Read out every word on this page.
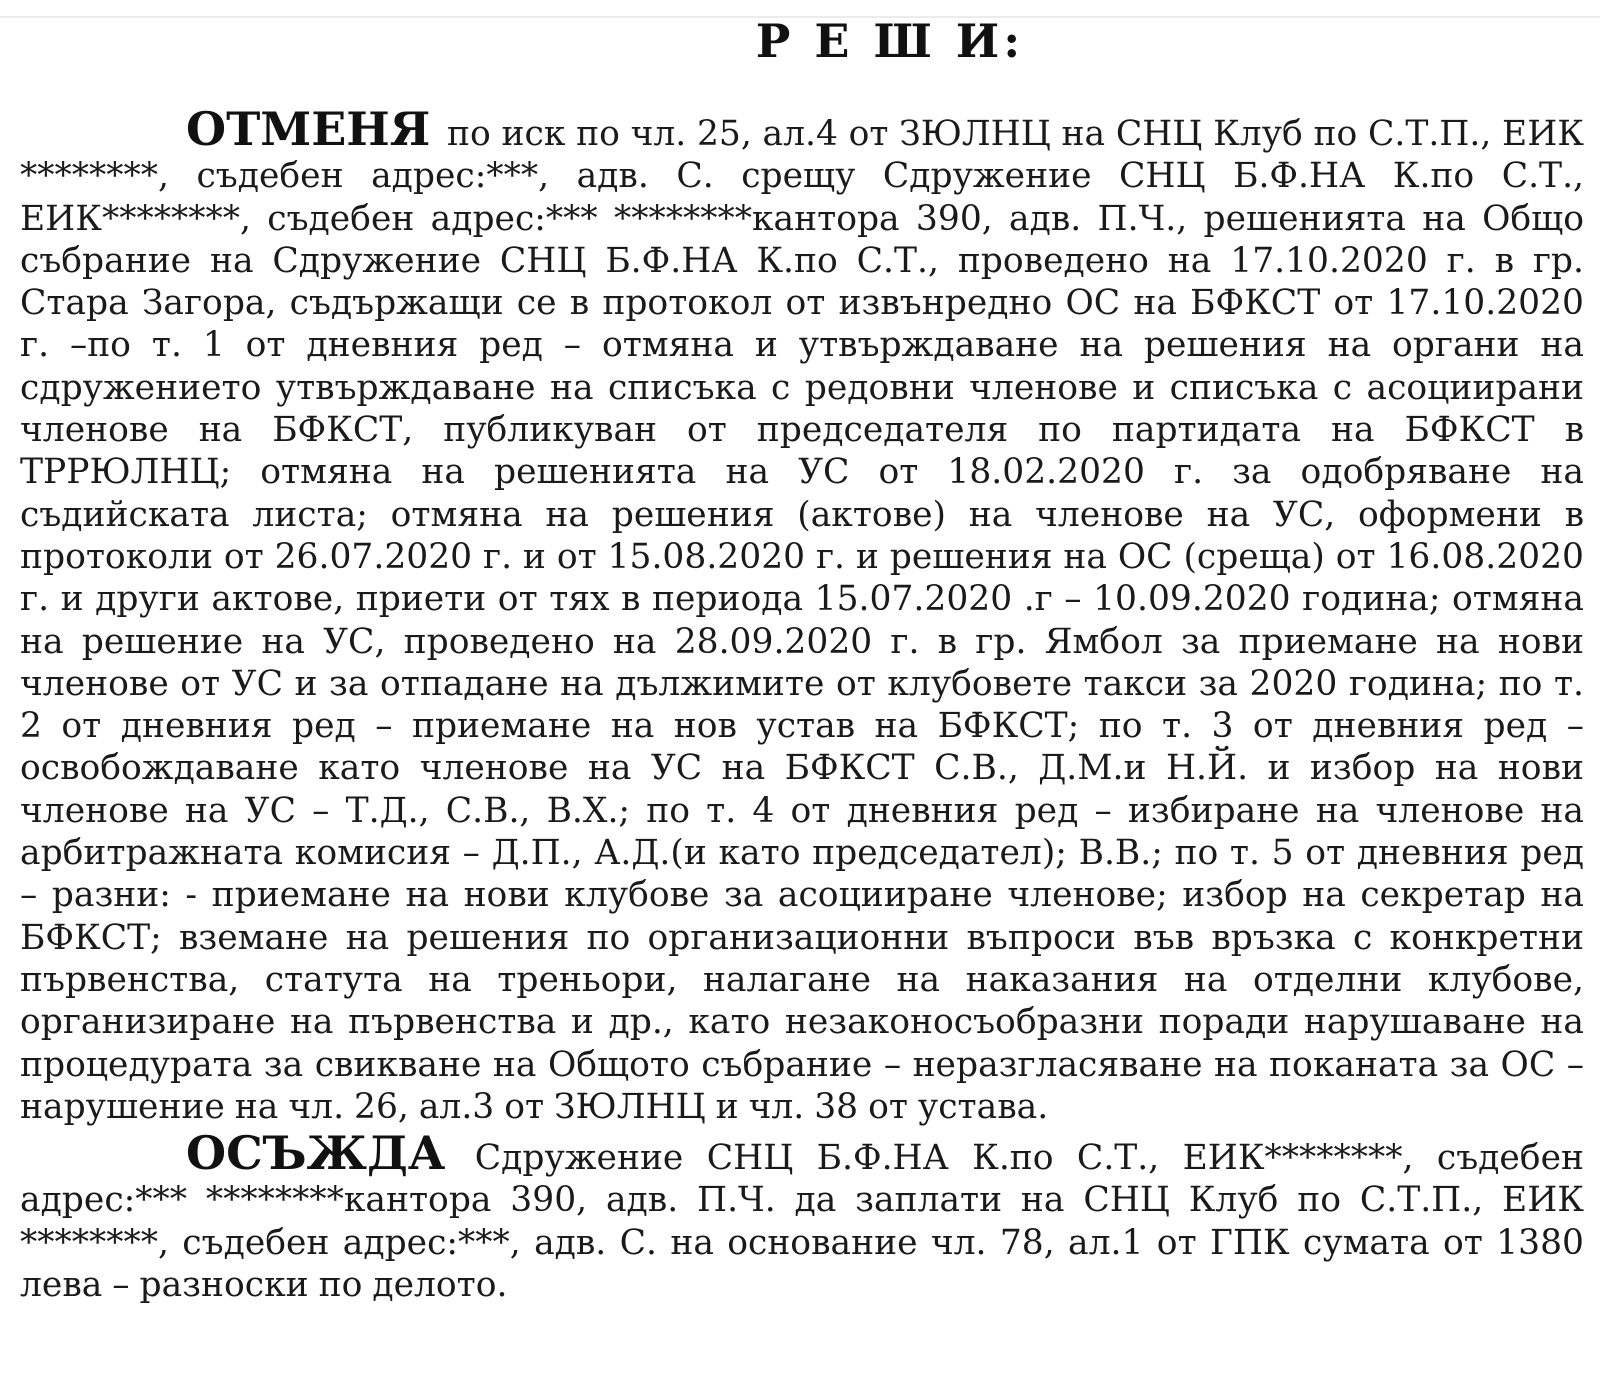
Р Е Ш И:

ОТМЕНЯ по иск по чл. 25, ал.4 от ЗЮЛНЦ на СНЦ Клуб по С.Т.П., ЕИК ********, съдебен адрес:***, адв. С. срещу Сдружение СНЦ Б.Ф.НА К.по С.Т., ЕИК********, съдебен адрес:*** ********кантора 390, адв. П.Ч., решенията на Общо събрание на Сдружение СНЦ Б.Ф.НА К.по С.Т., проведено на 17.10.2020 г. в гр. Стара Загора, съдържащи се в протокол от извънредно ОС на БФКСТ от 17.10.2020 г. –по т. 1 от дневния ред – отмяна и утвърждаване на решения на органи на сдружението утвърждаване на списъка с редовни членове и списъка с асоциирани членове на БФКСТ, публикуван от председателя по партидата на БФКСТ в ТРРЮЛНЦ; отмяна на решенията на УС от 18.02.2020 г. за одобряване на съдийската листа; отмяна на решения (актове) на членове на УС, оформени в протоколи от 26.07.2020 г. и от 15.08.2020 г. и решения на ОС (среща) от 16.08.2020 г. и други актове, приети от тях в периода 15.07.2020 .г – 10.09.2020 година; отмяна на решение на УС, проведено на 28.09.2020 г. в гр. Ямбол за приемане на нови членове от УС и за отпадане на дължимите от клубовете такси за 2020 година; по т. 2 от дневния ред – приемане на нов устав на БФКСТ; по т. 3 от дневния ред – освобождаване като членове на УС на БФКСТ С.В., Д.М.и Н.Й. и избор на нови членове на УС – Т.Д., С.В., В.Х.; по т. 4 от дневния ред – избиране на членове на арбитражната комисия – Д.П., А.Д.(и като председател); В.В.; по т. 5 от дневния ред – разни: - приемане на нови клубове за асоцииране членове; избор на секретар на БФКСТ; вземане на решения по организационни въпроси във връзка с конкретни първенства, статута на треньори, налагане на наказания на отделни клубове, организиране на първенства и др., като незаконосъобразни поради нарушаване на процедурата за свикване на Общото събрание – неразгласяване на поканата за ОС – нарушение на чл. 26, ал.3 от ЗЮЛНЦ и чл. 38 от устава.

ОСЪЖДА Сдружение СНЦ Б.Ф.НА К.по С.Т., ЕИК********, съдебен адрес:*** ********кантора 390, адв. П.Ч. да заплати на СНЦ Клуб по С.Т.П., ЕИК ********, съдебен адрес:***, адв. С. на основание чл. 78, ал.1 от ГПК сумата от 1380 лева – разноски по делото.
